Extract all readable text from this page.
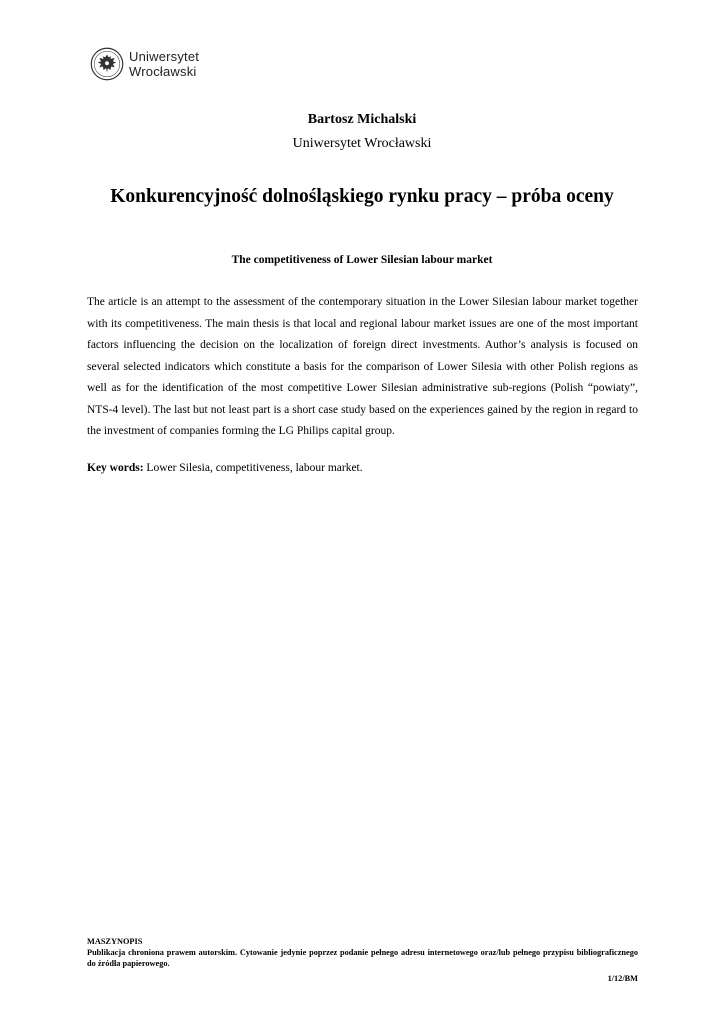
Uniwersytet
Wrocławski
Bartosz Michalski
Uniwersytet Wrocławski
Konkurencyjność dolnośląskiego rynku pracy – próba oceny
The competitiveness of Lower Silesian labour market

The article is an attempt to the assessment of the contemporary situation in the Lower Silesian labour market together with its competitiveness. The main thesis is that local and regional labour market issues are one of the most important factors influencing the decision on the localization of foreign direct investments. Author’s analysis is focused on several selected indicators which constitute a basis for the comparison of Lower Silesia with other Polish regions as well as for the identification of the most competitive Lower Silesian administrative sub-regions (Polish “powiaty”, NTS-4 level). The last but not least part is a short case study based on the experiences gained by the region in regard to the investment of companies forming the LG Philips capital group.

Key words: Lower Silesia, competitiveness, labour market.

MASZYNOPIS
Publikacja chroniona prawem autorskim. Cytowanie jedynie poprzez podanie pełnego adresu internetowego oraz/lub pełnego przypisu bibliograficznego do źródła papierowego.
1/12/BM
